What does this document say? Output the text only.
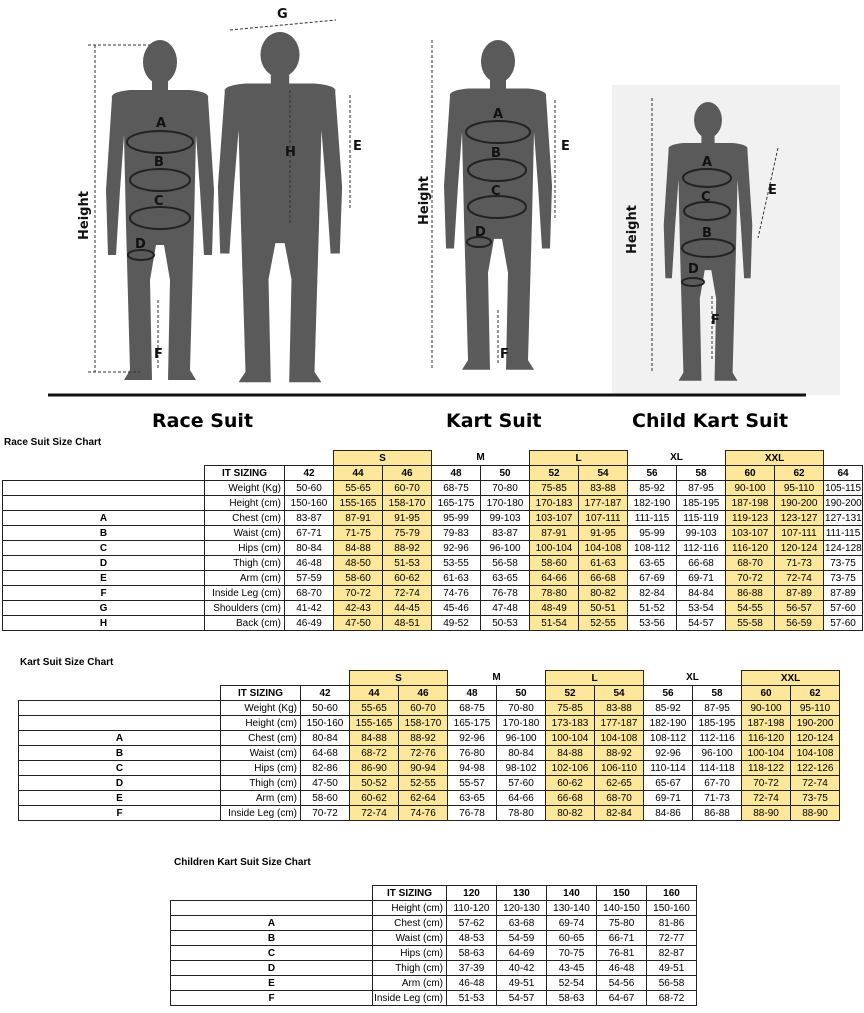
G
A
B
C
D
H	E
F
A
B
C
D
E
F
A
C
B
D
E
F
Height	Height
Height
Race Suit	Kart Suit	Child Kart Suit
Race Suit Size Chart
			S		M		L		XL		XXL		
	IT SIZING	42	44	46	48	50	52	54	56	58	60	62	64
	Weight (Kg)	50-60	55-65	60-70	68-75	70-80	75-85	83-88	85-92	87-95	90-100	95-110	105-115
	Height (cm)	150-160	155-165	158-170	165-175	170-180	170-183	177-187	182-190	185-195	187-198	190-200	190-200
A	Chest (cm)	83-87	87-91	91-95	95-99	99-103	103-107	107-111	111-115	115-119	119-123	123-127	127-131
B	Waist (cm)	67-71	71-75	75-79	79-83	83-87	87-91	91-95	95-99	99-103	103-107	107-111	111-115
C	Hips (cm)	80-84	84-88	88-92	92-96	96-100	100-104	104-108	108-112	112-116	116-120	120-124	124-128
D	Thigh (cm)	46-48	48-50	51-53	53-55	56-58	58-60	61-63	63-65	66-68	68-70	71-73	73-75
E	Arm (cm)	57-59	58-60	60-62	61-63	63-65	64-66	66-68	67-69	69-71	70-72	72-74	73-75
F	Inside Leg (cm)	68-70	70-72	72-74	74-76	76-78	78-80	80-82	82-84	84-84	86-88	87-89	87-89
G	Shoulders (cm)	41-42	42-43	44-45	45-46	47-48	48-49	50-51	51-52	53-54	54-55	56-57	57-60
H	Back (cm)	46-49	47-50	48-51	49-52	50-53	51-54	52-55	53-56	54-57	55-58	56-59	57-60
Kart Suit Size Chart
			S		M		L		XL		XXL	
	IT SIZING	42	44	46	48	50	52	54	56	58	60	62
	Weight (Kg)	50-60	55-65	60-70	68-75	70-80	75-85	83-88	85-92	87-95	90-100	95-110
	Height (cm)	150-160	155-165	158-170	165-175	170-180	173-183	177-187	182-190	185-195	187-198	190-200
A	Chest (cm)	80-84	84-88	88-92	92-96	96-100	100-104	104-108	108-112	112-116	116-120	120-124
B	Waist (cm)	64-68	68-72	72-76	76-80	80-84	84-88	88-92	92-96	96-100	100-104	104-108
C	Hips (cm)	82-86	86-90	90-94	94-98	98-102	102-106	106-110	110-114	114-118	118-122	122-126
D	Thigh (cm)	47-50	50-52	52-55	55-57	57-60	60-62	62-65	65-67	67-70	70-72	72-74
E	Arm (cm)	58-60	60-62	62-64	63-65	64-66	66-68	68-70	69-71	71-73	72-74	73-75
F	Inside Leg (cm)	70-72	72-74	74-76	76-78	78-80	80-82	82-84	84-86	86-88	88-90	88-90
Children Kart Suit Size Chart
	IT SIZING	120	130	140	150	160
	Height (cm)	110-120	120-130	130-140	140-150	150-160
A	Chest (cm)	57-62	63-68	69-74	75-80	81-86
B	Waist (cm)	48-53	54-59	60-65	66-71	72-77
C	Hips (cm)	58-63	64-69	70-75	76-81	82-87
D	Thigh (cm)	37-39	40-42	43-45	46-48	49-51
E	Arm (cm)	46-48	49-51	52-54	54-56	56-58
F	Inside Leg (cm)	51-53	54-57	58-63	64-67	68-72
